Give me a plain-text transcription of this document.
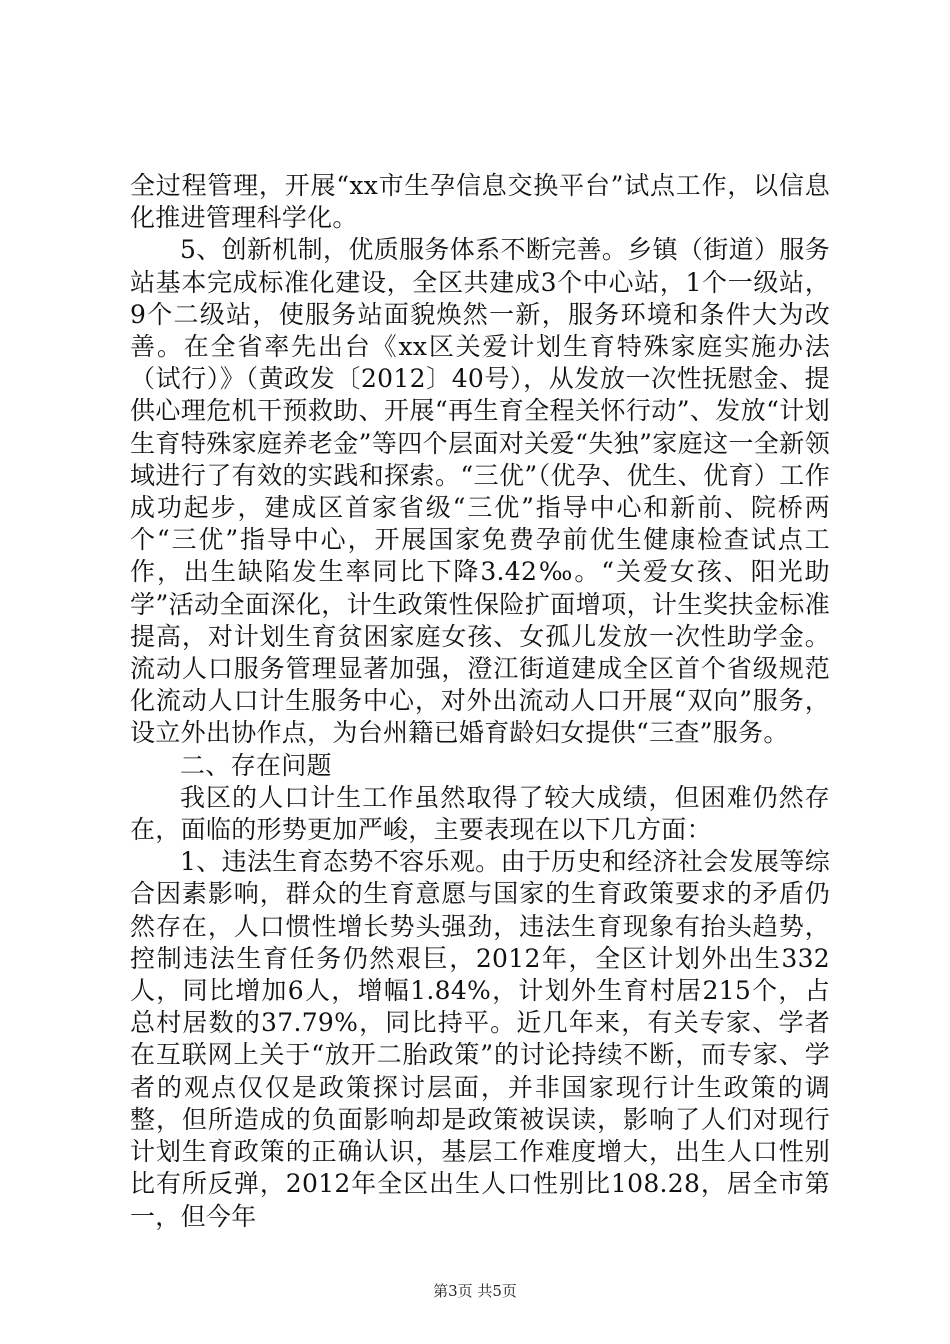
全过程管理，开展“xx市生孕信息交换平台”试点工作，以信息化推进管理科学化。

5、创新机制，优质服务体系不断完善。乡镇（街道）服务站基本完成标准化建设，全区共建成3个中心站，1个一级站，9个二级站，使服务站面貌焕然一新，服务环境和条件大为改善。在全省率先出台《xx区关爱计划生育特殊家庭实施办法（试行）》（黄政发〔2012〕40号），从发放一次性抚慰金、提供心理危机干预救助、开展“再生育全程关怀行动”、发放“计划生育特殊家庭养老金”等四个层面对关爱“失独”家庭这一全新领域进行了有效的实践和探索。“三优”（优孕、优生、优育）工作成功起步，建成区首家省级“三优”指导中心和新前、院桥两个“三优”指导中心，开展国家免费孕前优生健康检查试点工作，出生缺陷发生率同比下降3.42‰。“关爱女孩、阳光助学”活动全面深化，计生政策性保险扩面增项，计生奖扶金标准提高，对计划生育贫困家庭女孩、女孤儿发放一次性助学金。流动人口服务管理显著加强，澄江街道建成全区首个省级规范化流动人口计生服务中心，对外出流动人口开展“双向”服务，设立外出协作点，为台州籍已婚育龄妇女提供“三查”服务。

二、存在问题

我区的人口计生工作虽然取得了较大成绩，但困难仍然存在，面临的形势更加严峻，主要表现在以下几方面：

1、违法生育态势不容乐观。由于历史和经济社会发展等综合因素影响，群众的生育意愿与国家的生育政策要求的矛盾仍然存在，人口惯性增长势头强劲，违法生育现象有抬头趋势，控制违法生育任务仍然艰巨，2012年，全区计划外出生332人，同比增加6人，增幅1.84%，计划外生育村居215个，占总村居数的37.79%，同比持平。近几年来，有关专家、学者在互联网上关于“放开二胎政策”的讨论持续不断，而专家、学者的观点仅仅是政策探讨层面，并非国家现行计生政策的调整，但所造成的负面影响却是政策被误读，影响了人们对现行计划生育政策的正确认识，基层工作难度增大，出生人口性别比有所反弹，2012年全区出生人口性别比108.28，居全市第一，但今年

第3页 共5页
